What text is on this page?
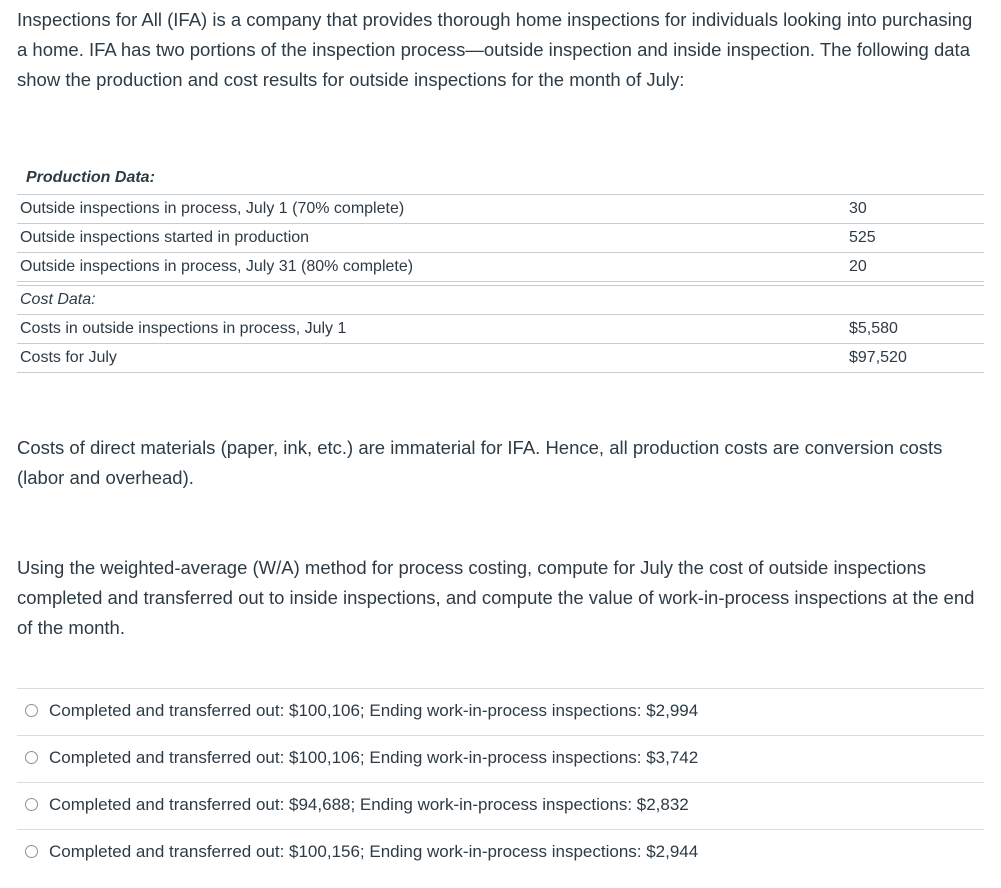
Inspections for All (IFA) is a company that provides thorough home inspections for individuals looking into purchasing a home. IFA has two portions of the inspection process—outside inspection and inside inspection. The following data show the production and cost results for outside inspections for the month of July:

Production Data:
Outside inspections in process, July 1 (70% complete)	30
Outside inspections started in production	525
Outside inspections in process, July 31 (80% complete)	20
Cost Data:
Costs in outside inspections in process, July 1	$5,580
Costs for July	$97,520

Costs of direct materials (paper, ink, etc.) are immaterial for IFA. Hence, all production costs are conversion costs (labor and overhead).

Using the weighted-average (W/A) method for process costing, compute for July the cost of outside inspections completed and transferred out to inside inspections, and compute the value of work-in-process inspections at the end of the month.

Completed and transferred out: $100,106; Ending work-in-process inspections: $2,994
Completed and transferred out: $100,106; Ending work-in-process inspections: $3,742
Completed and transferred out: $94,688; Ending work-in-process inspections: $2,832
Completed and transferred out: $100,156; Ending work-in-process inspections: $2,944
